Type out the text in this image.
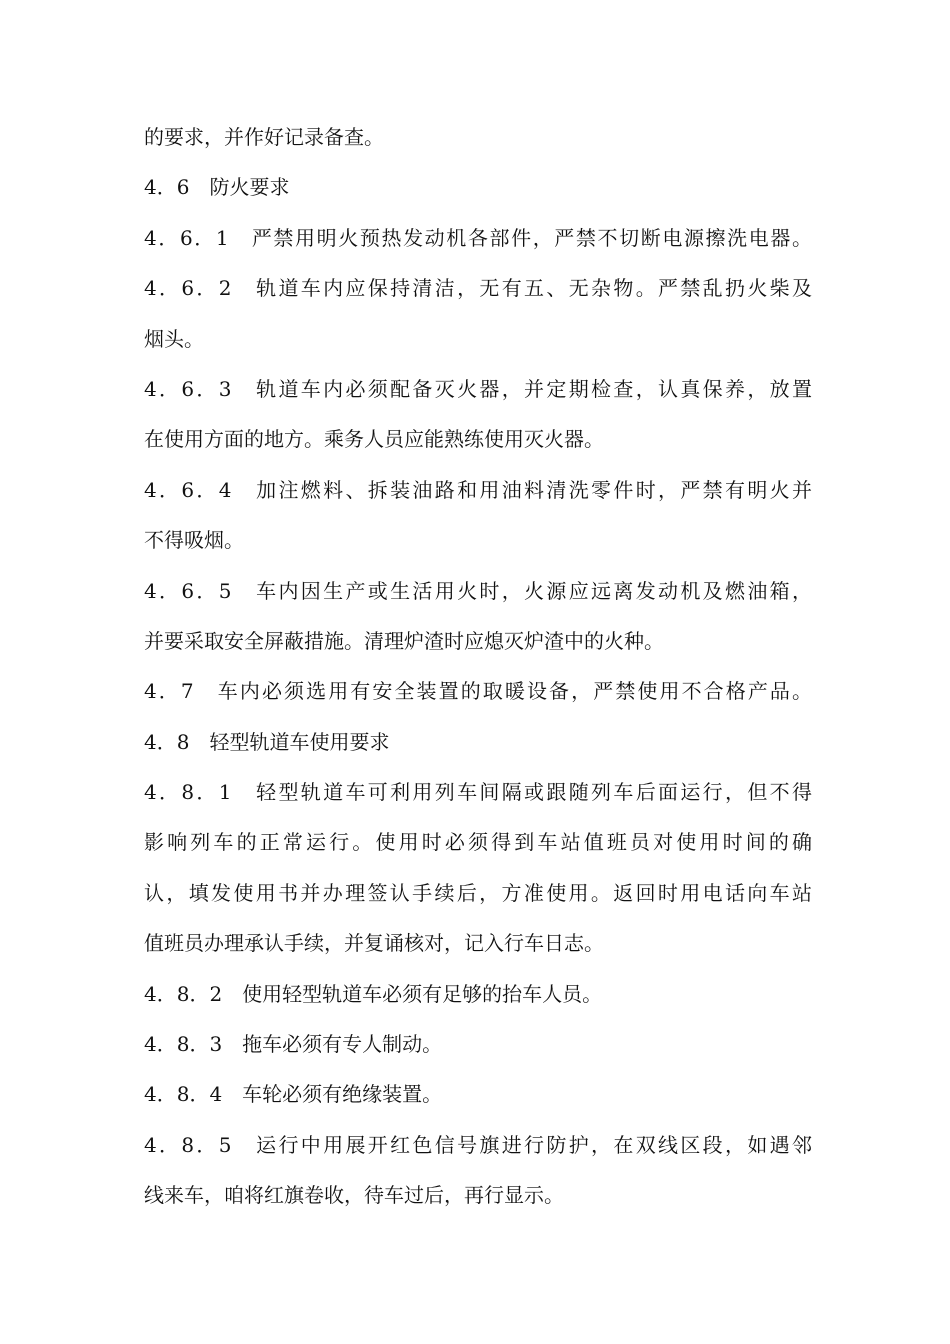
的要求，并作好记录备查。
4．6　防火要求
4．6．1　严禁用明火预热发动机各部件，严禁不切断电源擦洗电器。
4．6．2　轨道车内应保持清洁，无有五、无杂物。严禁乱扔火柴及
烟头。
4．6．3　轨道车内必须配备灭火器，并定期检查，认真保养，放置
在使用方面的地方。乘务人员应能熟练使用灭火器。
4．6．4　加注燃料、拆装油路和用油料清洗零件时，严禁有明火并
不得吸烟。
4．6．5　车内因生产或生活用火时，火源应远离发动机及燃油箱，
并要采取安全屏蔽措施。清理炉渣时应熄灭炉渣中的火种。
4．7　车内必须选用有安全装置的取暖设备，严禁使用不合格产品。
4．8　轻型轨道车使用要求
4．8．1　轻型轨道车可利用列车间隔或跟随列车后面运行，但不得
影响列车的正常运行。使用时必须得到车站值班员对使用时间的确
认，填发使用书并办理签认手续后，方准使用。返回时用电话向车站
值班员办理承认手续，并复诵核对，记入行车日志。
4．8．2　使用轻型轨道车必须有足够的抬车人员。
4．8．3　拖车必须有专人制动。
4．8．4　车轮必须有绝缘装置。
4．8．5　运行中用展开红色信号旗进行防护，在双线区段，如遇邻
线来车，咱将红旗卷收，待车过后，再行显示。
